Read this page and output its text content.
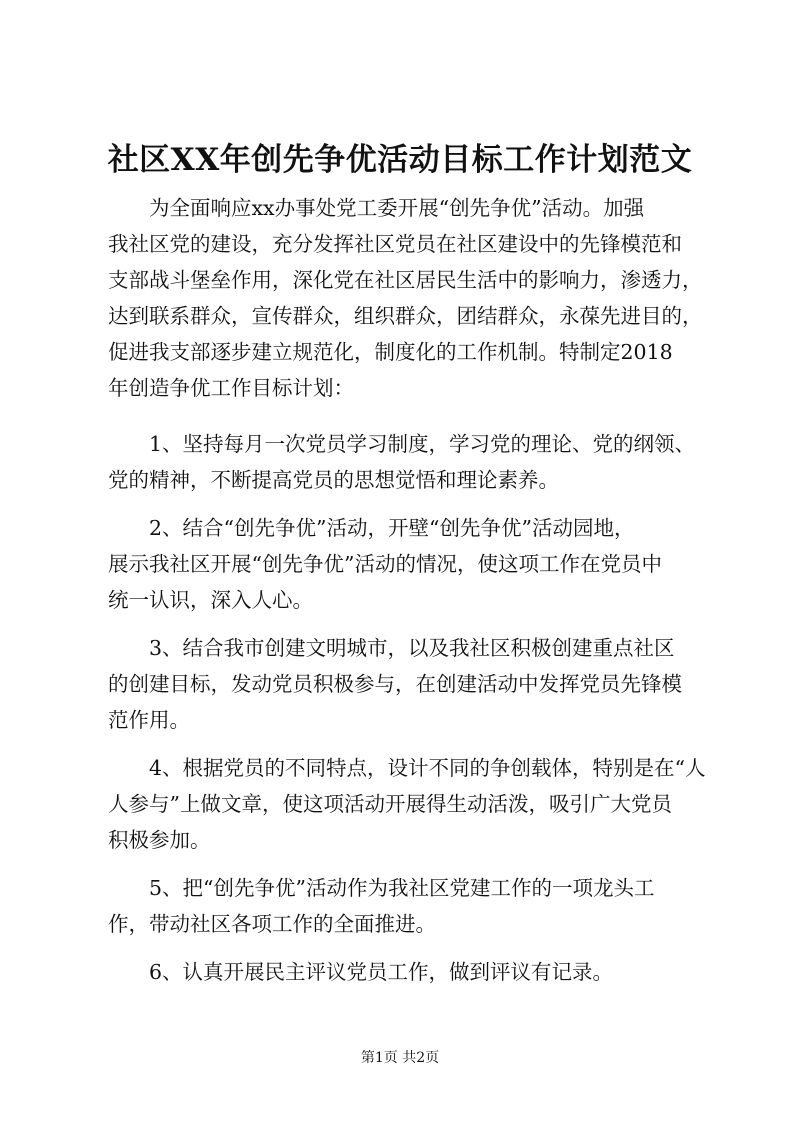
社区XX年创先争优活动目标工作计划范文
　　为全面响应xx办事处党工委开展“创先争优”活动。加强
我社区党的建设，充分发挥社区党员在社区建设中的先锋模范和
支部战斗堡垒作用，深化党在社区居民生活中的影响力，渗透力，
达到联系群众，宣传群众，组织群众，团结群众，永葆先进目的，
促进我支部逐步建立规范化，制度化的工作机制。特制定2018
年创造争优工作目标计划：
　　1、坚持每月一次党员学习制度，学习党的理论、党的纲领、
党的精神，不断提高党员的思想觉悟和理论素养。
　　2、结合“创先争优”活动，开壁“创先争优”活动园地，
展示我社区开展“创先争优”活动的情况，使这项工作在党员中
统一认识，深入人心。
　　3、结合我市创建文明城市，以及我社区积极创建重点社区
的创建目标，发动党员积极参与，在创建活动中发挥党员先锋模
范作用。
　　4、根据党员的不同特点，设计不同的争创载体，特别是在“人
人参与”上做文章，使这项活动开展得生动活泼，吸引广大党员
积极参加。
　　5、把“创先争优”活动作为我社区党建工作的一项龙头工
作，带动社区各项工作的全面推进。
　　6、认真开展民主评议党员工作，做到评议有记录。
第1页 共2页
